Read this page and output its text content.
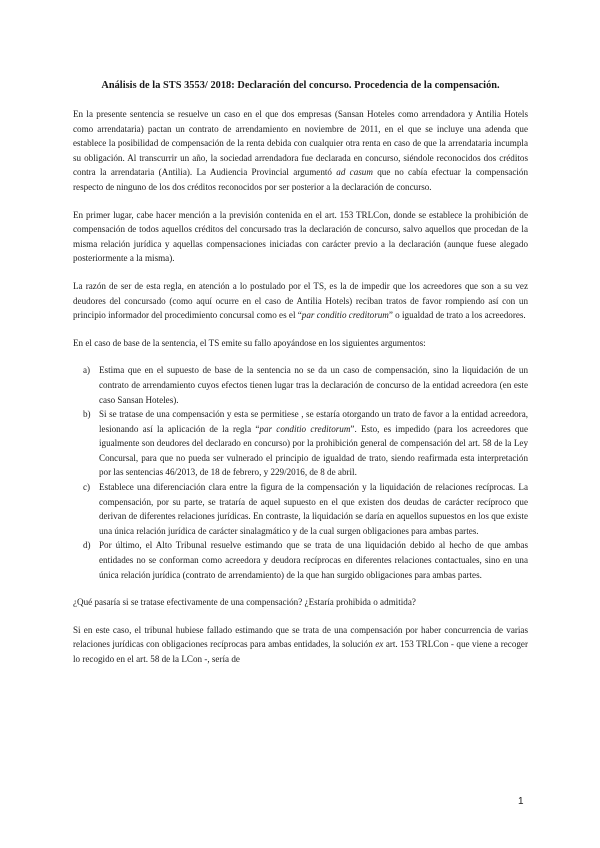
Análisis de la STS 3553/ 2018: Declaración del concurso. Procedencia de la compensación.

En la presente sentencia se resuelve un caso en el que dos empresas (Sansan Hoteles como arrendadora y Antilia Hotels como arrendataria) pactan un contrato de arrendamiento en noviembre de 2011, en el que se incluye una adenda que establece la posibilidad de compensación de la renta debida con cualquier otra renta en caso de que la arrendataria incumpla su obligación. Al transcurrir un año, la sociedad arrendadora fue declarada en concurso, siéndole reconocidos dos créditos contra la arrendataria (Antilia). La Audiencia Provincial argumentó ad casum que no cabía efectuar la compensación respecto de ninguno de los dos créditos reconocidos por ser posterior a la declaración de concurso.

En primer lugar, cabe hacer mención a la previsión contenida en el art. 153 TRLCon, donde se establece la prohibición de compensación de todos aquellos créditos del concursado tras la declaración de concurso, salvo aquellos que procedan de la misma relación jurídica y aquellas compensaciones iniciadas con carácter previo a la declaración (aunque fuese alegado posteriormente a la misma).

La razón de ser de esta regla, en atención a lo postulado por el TS, es la de impedir que los acreedores que son a su vez deudores del concursado (como aquí ocurre en el caso de Antilia Hotels) reciban tratos de favor rompiendo así con un principio informador del procedimiento concursal como es el “par conditio creditorum” o igualdad de trato a los acreedores.

En el caso de base de la sentencia, el TS emite su fallo apoyándose en los siguientes argumentos:

a) Estima que en el supuesto de base de la sentencia no se da un caso de compensación, sino la liquidación de un contrato de arrendamiento cuyos efectos tienen lugar tras la declaración de concurso de la entidad acreedora (en este caso Sansan Hoteles).
b) Si se tratase de una compensación y esta se permitiese , se estaría otorgando un trato de favor a la entidad acreedora, lesionando así la aplicación de la regla “par conditio creditorum”. Esto, es impedido (para los acreedores que igualmente son deudores del declarado en concurso) por la prohibición general de compensación del art. 58 de la Ley Concursal, para que no pueda ser vulnerado el principio de igualdad de trato, siendo reafirmada esta interpretación por las sentencias 46/2013, de 18 de febrero, y 229/2016, de 8 de abril.
c) Establece una diferenciación clara entre la figura de la compensación y la liquidación de relaciones recíprocas. La compensación, por su parte, se trataría de aquel supuesto en el que existen dos deudas de carácter recíproco que derivan de diferentes relaciones jurídicas. En contraste, la liquidación se daría en aquellos supuestos en los que existe una única relación jurídica de carácter sinalagmático y de la cual surgen obligaciones para ambas partes.
d) Por último, el Alto Tribunal resuelve estimando que se trata de una liquidación debido al hecho de que ambas entidades no se conforman como acreedora y deudora recíprocas en diferentes relaciones contactuales, sino en una única relación jurídica (contrato de arrendamiento) de la que han surgido obligaciones para ambas partes.

¿Qué pasaría si se tratase efectivamente de una compensación? ¿Estaría prohibida o admitida?

Si en este caso, el tribunal hubiese fallado estimando que se trata de una compensación por haber concurrencia de varias relaciones jurídicas con obligaciones recíprocas para ambas entidades, la solución ex art. 153 TRLCon - que viene a recoger lo recogido en el art. 58 de la LCon -, sería de

1
